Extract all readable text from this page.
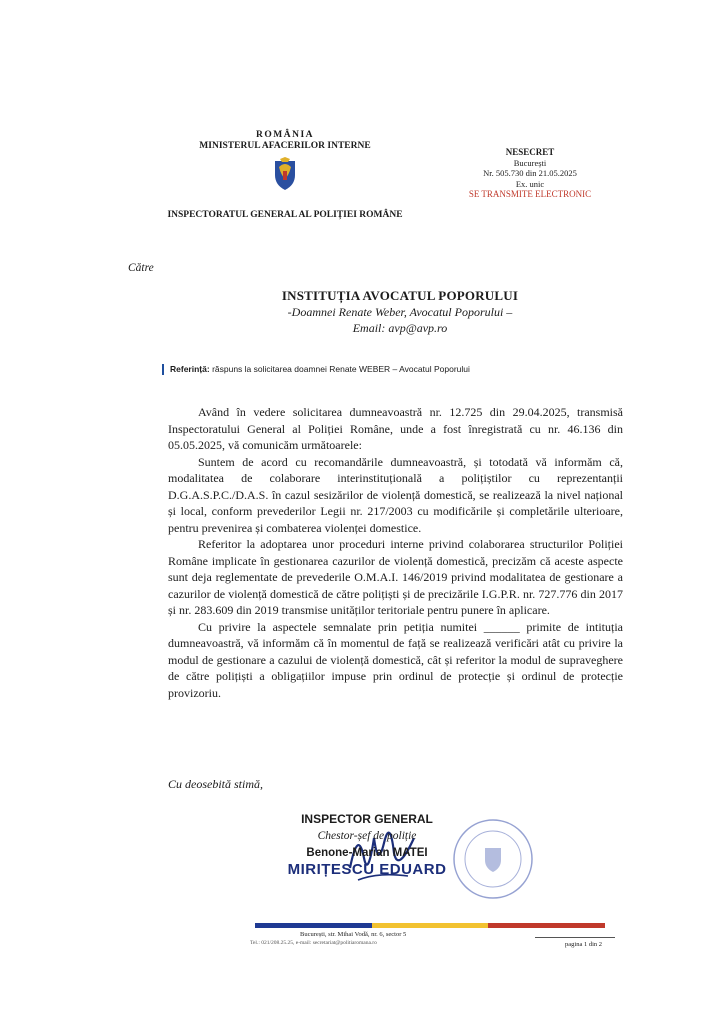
ROMÂNIA
MINISTERUL AFACERILOR INTERNE
INSPECTORATUL GENERAL AL POLIȚIEI ROMÂNE
NESECRET
București
Nr. 505.730 din 21.05.2025
Ex. unic
SE TRANSMITE ELECTRONIC
Către
INSTITUȚIA AVOCATUL POPORULUI
-Doamnei Renate Weber, Avocatul Poporului –
Email: avp@avp.ro
Referință: răspuns la solicitarea doamnei Renate WEBER – Avocatul Poporului

Având în vedere solicitarea dumneavoastră nr. 12.725 din 29.04.2025, transmisă Inspectoratului General al Poliției Române, unde a fost înregistrată cu nr. 46.136 din 05.05.2025, vă comunicăm următoarele:

Suntem de acord cu recomandările dumneavoastră, și totodată vă informăm că, modalitatea de colaborare interinstituțională a polițiștilor cu reprezentanții D.G.A.S.P.C./D.A.S. în cazul sesizărilor de violență domestică, se realizează la nivel național și local, conform prevederilor Legii nr. 217/2003 cu modificările și completările ulterioare, pentru prevenirea și combaterea violenței domestice.

Referitor la adoptarea unor proceduri interne privind colaborarea structurilor Poliției Române implicate în gestionarea cazurilor de violență domestică, precizăm că aceste aspecte sunt deja reglementate de prevederile O.M.A.I. 146/2019 privind modalitatea de gestionare a cazurilor de violență domestică de către polițiști și de precizările I.G.P.R. nr. 727.776 din 2017 și nr. 283.609 din 2019 transmise unităților teritoriale pentru punere în aplicare.

Cu privire la aspectele semnalate prin petiția numitei ______ primite de intituția dumneavoastră, vă informăm că în momentul de față se realizează verificări atât cu privire la modul de gestionare a cazului de violență domestică, cât și referitor la modul de supraveghere de către polițiști a obligațiilor impuse prin ordinul de protecție și ordinul de protecție provizoriu.

Cu deosebită stimă,
INSPECTOR GENERAL
Chestor-șef de poliție
Benone-Marian MATEI
MIRIȚESCU EDUARD
București, str. Mihai Vodă, nr. 6, sector 5
Tel.: 021/208.25.25, e-mail: secretariat@politiaromana.ro	pagina 1 din 2
